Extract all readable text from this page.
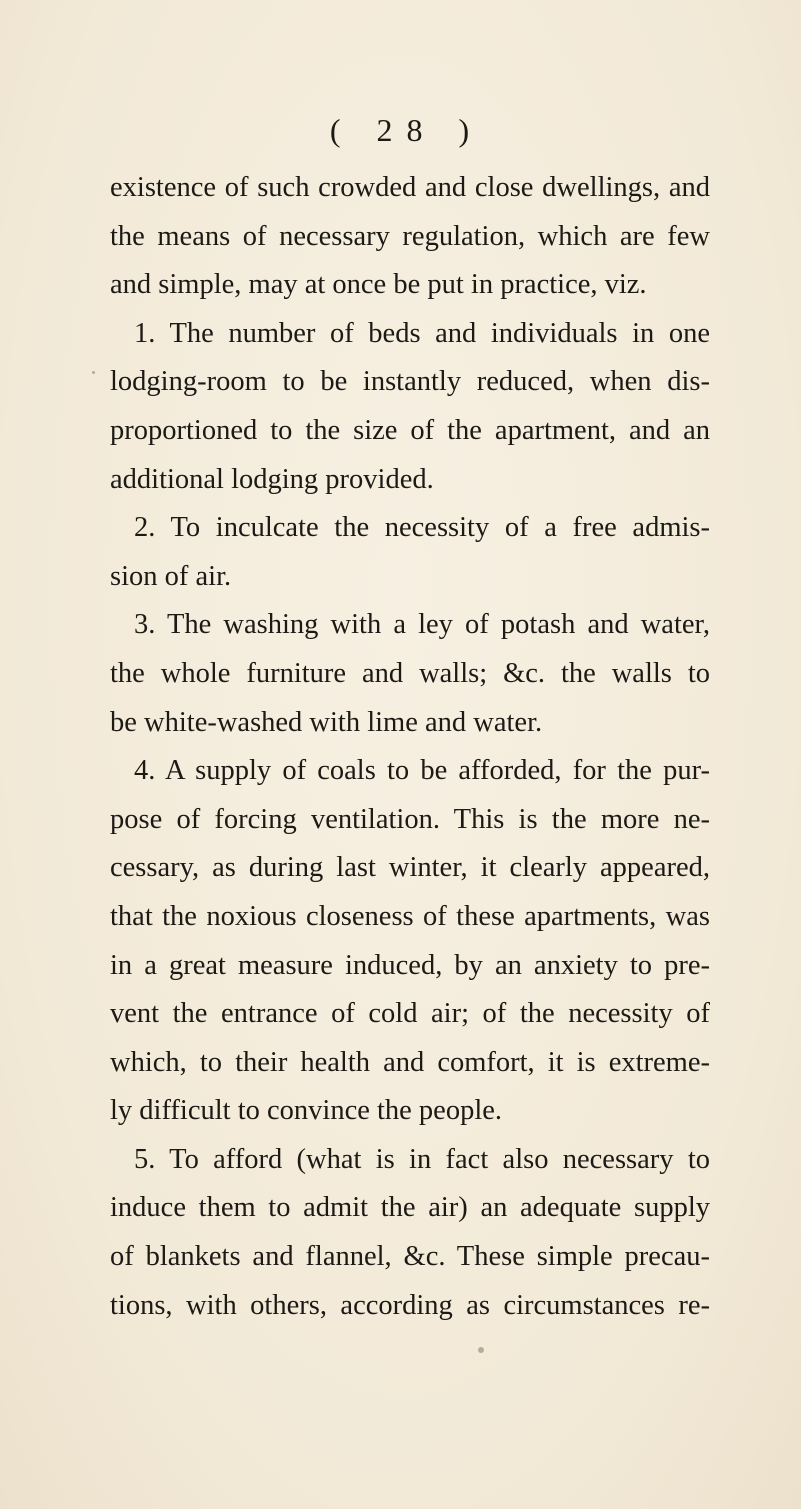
( 28 )
existence of such crowded and close dwellings, and
the means of necessary regulation, which are few
and simple, may at once be put in practice, viz.
1. The number of beds and individuals in one
lodging-room to be instantly reduced, when dis-
proportioned to the size of the apartment, and an
additional lodging provided.
2. To inculcate the necessity of a free admis-
sion of air.
3. The washing with a ley of potash and water,
the whole furniture and walls; &c. the walls to
be white-washed with lime and water.
4. A supply of coals to be afforded, for the pur-
pose of forcing ventilation. This is the more ne-
cessary, as during last winter, it clearly appeared,
that the noxious closeness of these apartments, was
in a great measure induced, by an anxiety to pre-
vent the entrance of cold air; of the necessity of
which, to their health and comfort, it is extreme-
ly difficult to convince the people.
5. To afford (what is in fact also necessary to
induce them to admit the air) an adequate supply
of blankets and flannel, &c. These simple precau-
tions, with others, according as circumstances re-
